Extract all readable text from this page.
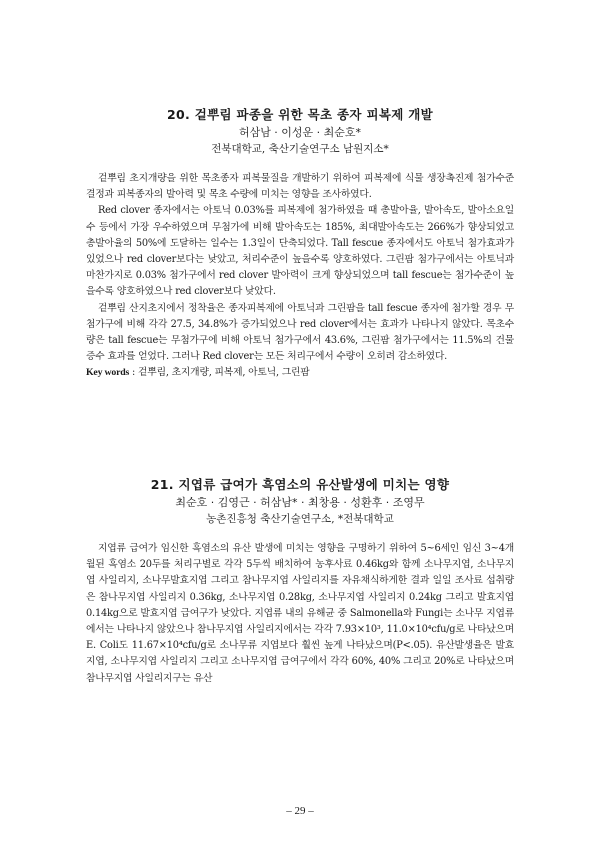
20. 겉뿌림 파종을 위한 목초 종자 피복제 개발
허삼남 · 이성운 · 최순호*
전북대학교, 축산기술연구소 남원지소*

겉뿌림 초지개량을 위한 목초종자 피복물질을 개발하기 위하여 피복제에 식물 생장촉진제 첨가수준 결정과 피복종자의 발아력 및 목초 수량에 미치는 영향을 조사하였다.

Red clover 종자에서는 아토닉 0.03%를 피복제에 첨가하였을 때 총발아율, 발아속도, 발아소요일수 등에서 가장 우수하였으며 무첨가에 비해 발아속도는 185%, 최대발아속도는 266%가 향상되었고 총발아율의 50%에 도달하는 일수는 1.3일이 단축되었다. Tall fescue 종자에서도 아토닉 첨가효과가 있었으나 red clover보다는 낮았고, 처리수준이 높을수록 양호하였다. 그린팜 첨가구에서는 아토닉과 마찬가지로 0.03% 첨가구에서 red clover 발아력이 크게 향상되었으며 tall fescue는 첨가수준이 높을수록 양호하였으나 red clover보다 낮았다.

겉뿌림 산지초지에서 정착율은 종자피복제에 아토닉과 그린팜을 tall fescue 종자에 첨가할 경우 무첨가구에 비해 각각 27.5, 34.8%가 증가되었으나 red clover에서는 효과가 나타나지 않았다. 목초수량은 tall fescue는 무첨가구에 비해 아토닉 첨가구에서 43.6%, 그린팜 첨가구에서는 11.5%의 건물증수 효과를 얻었다. 그러나 Red clover는 모든 처리구에서 수량이 오히려 감소하였다.

Key words : 겉뿌림, 초지개량, 피복제, 아토닉, 그린팜
21. 지엽류 급여가 흑염소의 유산발생에 미치는 영향
최순호 · 김영근 · 허삼남* · 최창용 · 성환후 · 조영무
농촌진흥청 축산기술연구소, *전북대학교

지엽류 급여가 임신한 흑염소의 유산 발생에 미치는 영향을 구명하기 위하여 5~6세인 임신 3~4개월된 흑염소 20두를 처리구별로 각각 5두씩 배치하여 농후사료 0.46kg와 함께 소나무지엽, 소나무지엽 사일리지, 소나무발효지엽 그리고 참나무지엽 사일리지를 자유채식하게한 결과 일일 조사료 섭취량은 참나무지엽 사일리지 0.36kg, 소나무지엽 0.28kg, 소나무지엽 사일리지 0.24kg 그리고 발효지엽 0.14kg으로 발효지엽 급여구가 낮았다. 지엽류 내의 유해균 중 Salmonella와 Fungi는 소나무 지엽류에서는 나타나지 않았으나 참나무지엽 사일리지에서는 각각 7.93×10³, 11.0×10⁴cfu/g로 나타났으며 E. Coli도 11.67×10⁴cfu/g로 소나무류 지엽보다 훨씬 높게 나타났으며(P<.05). 유산발생율은 발효지엽, 소나무지엽 사일리지 그리고 소나무지엽 급여구에서 각각 60%, 40% 그리고 20%로 나타났으며 참나무지엽 사일리지구는 유산

– 29 –
